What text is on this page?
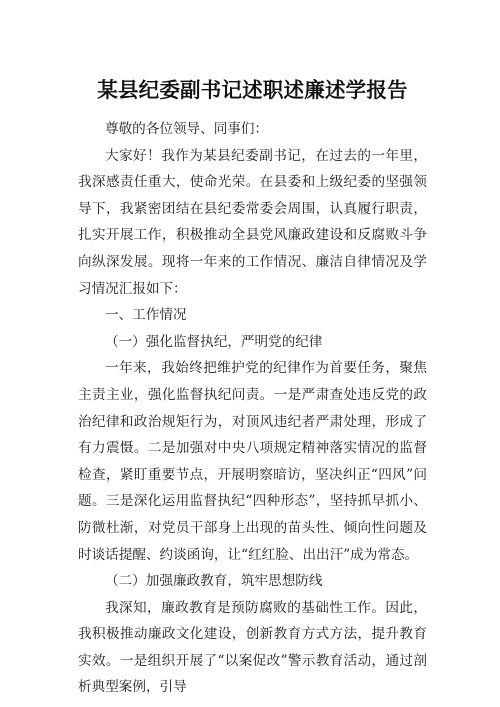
某县纪委副书记述职述廉述学报告

尊敬的各位领导、同事们：

大家好！我作为某县纪委副书记，在过去的一年里，我深感责任重大，使命光荣。在县委和上级纪委的坚强领导下，我紧密团结在县纪委常委会周围，认真履行职责，扎实开展工作，积极推动全县党风廉政建设和反腐败斗争向纵深发展。现将一年来的工作情况、廉洁自律情况及学习情况汇报如下：

一、工作情况

（一）强化监督执纪，严明党的纪律

一年来，我始终把维护党的纪律作为首要任务，聚焦主责主业，强化监督执纪问责。一是严肃查处违反党的政治纪律和政治规矩行为，对顶风违纪者严肃处理，形成了有力震慑。二是加强对中央八项规定精神落实情况的监督检查，紧盯重要节点，开展明察暗访，坚决纠正“四风”问题。三是深化运用监督执纪“四种形态”，坚持抓早抓小、防微杜渐，对党员干部身上出现的苗头性、倾向性问题及时谈话提醒、约谈函询，让“红红脸、出出汗”成为常态。

（二）加强廉政教育，筑牢思想防线

我深知，廉政教育是预防腐败的基础性工作。因此，我积极推动廉政文化建设，创新教育方式方法，提升教育实效。一是组织开展了“以案促改”警示教育活动，通过剖析典型案例，引导
